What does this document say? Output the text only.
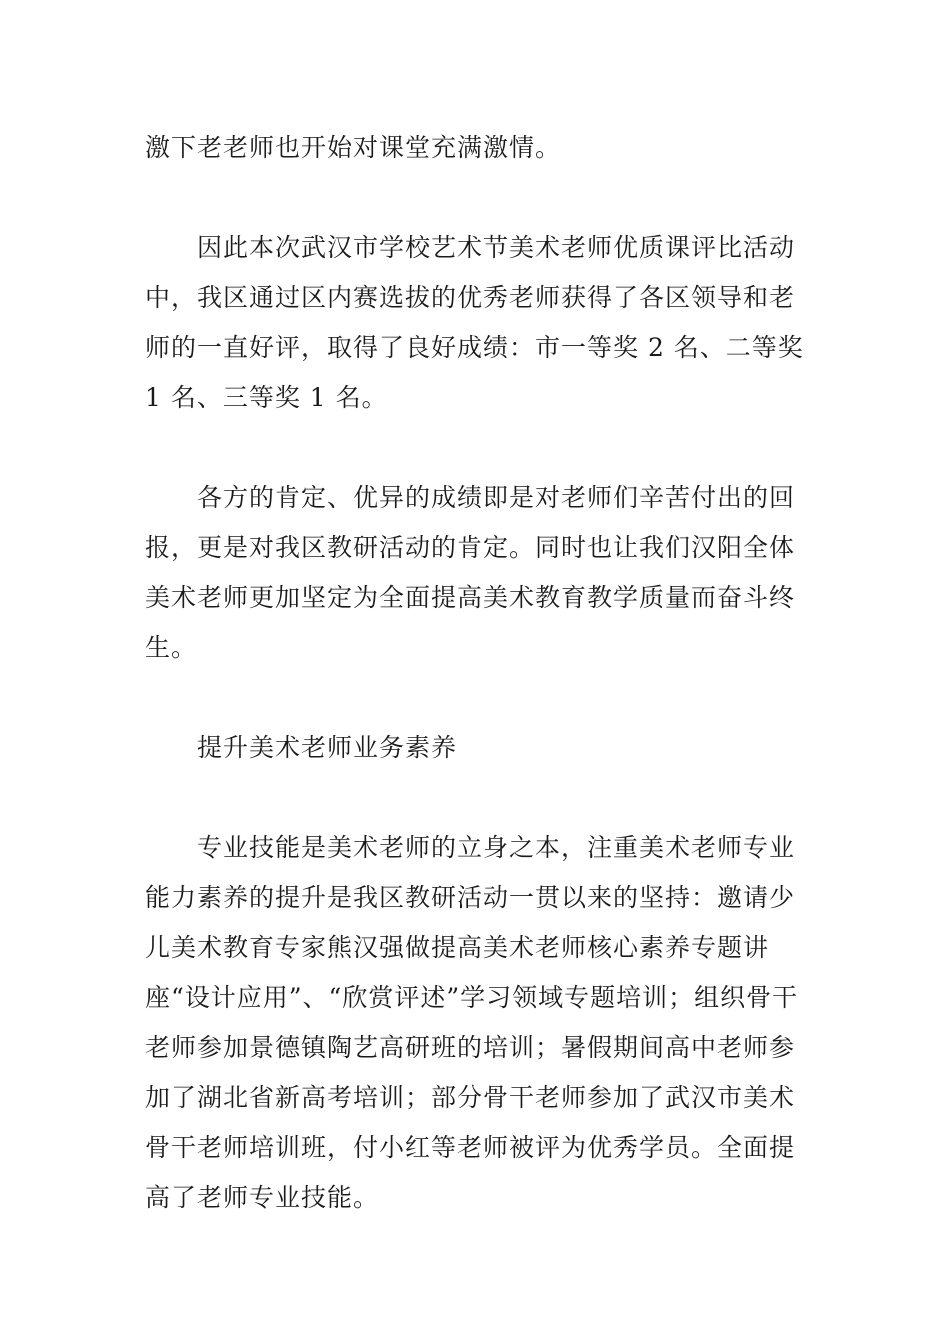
激下老老师也开始对课堂充满激情。

因此本次武汉市学校艺术节美术老师优质课评比活动中，我区通过区内赛选拔的优秀老师获得了各区领导和老师的一直好评，取得了良好成绩：市一等奖 2 名、二等奖 1 名、三等奖 1 名。

各方的肯定、优异的成绩即是对老师们辛苦付出的回报，更是对我区教研活动的肯定。同时也让我们汉阳全体美术老师更加坚定为全面提高美术教育教学质量而奋斗终生。

提升美术老师业务素养

专业技能是美术老师的立身之本，注重美术老师专业能力素养的提升是我区教研活动一贯以来的坚持：邀请少儿美术教育专家熊汉强做提高美术老师核心素养专题讲座“设计应用”、“欣赏评述”学习领域专题培训；组织骨干老师参加景德镇陶艺高研班的培训；暑假期间高中老师参加了湖北省新高考培训；部分骨干老师参加了武汉市美术骨干老师培训班，付小红等老师被评为优秀学员。全面提高了老师专业技能。
